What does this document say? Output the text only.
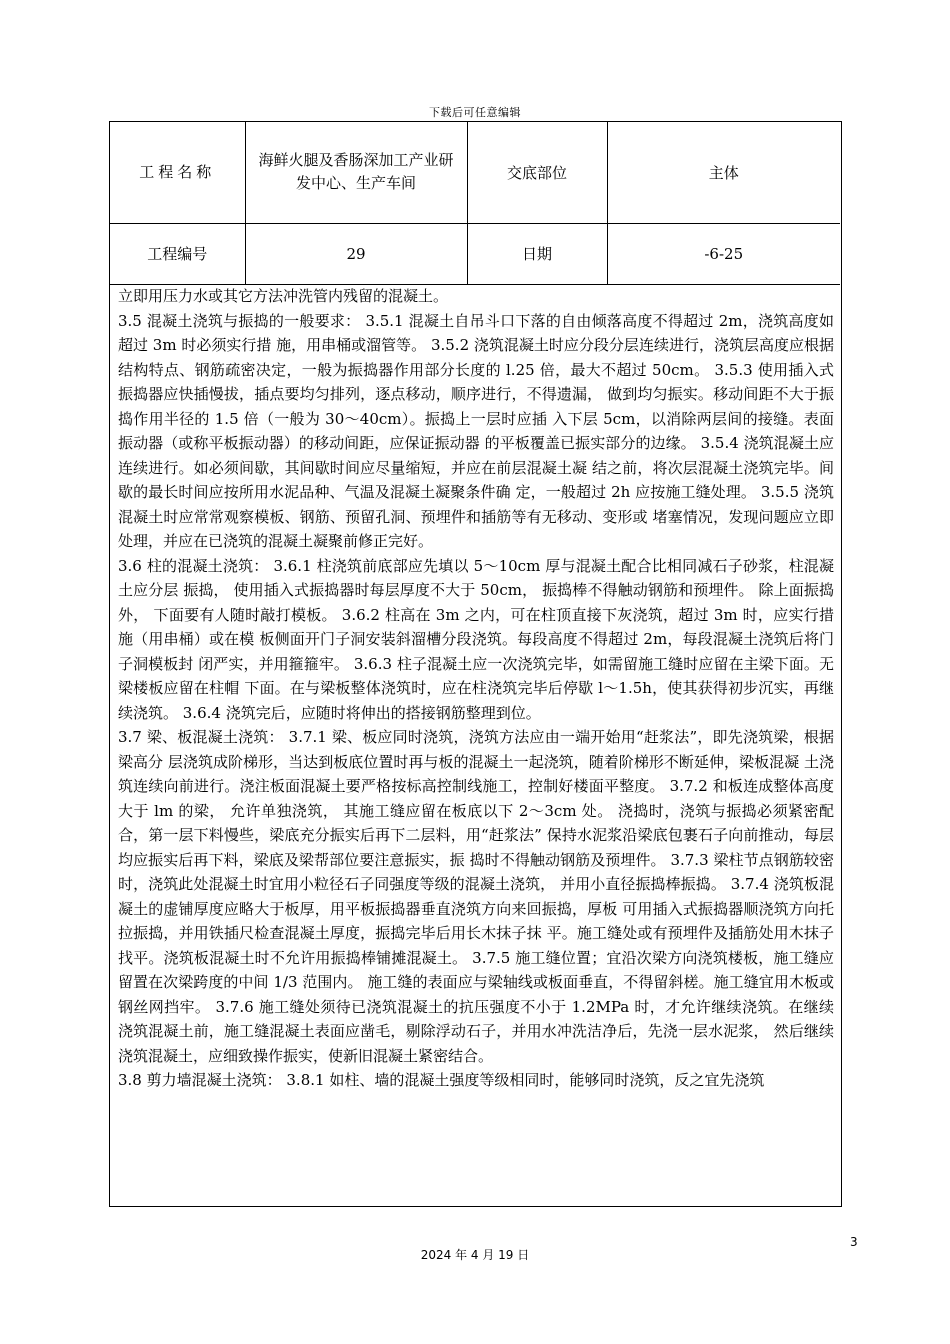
下载后可任意编辑
工程名称	海鲜火腿及香肠深加工产业研发中心、生产车间	交底部位	主体
工程编号	29	日期	-6-25

立即用压力水或其它方法冲洗管内残留的混凝土。

3.5 混凝土浇筑与振捣的一般要求： 3.5.1 混凝土自吊斗口下落的自由倾落高度不得超过 2m，浇筑高度如超过 3m 时必须实行措 施，用串桶或溜管等。 3.5.2 浇筑混凝土时应分段分层连续进行，浇筑层高度应根据结构特点、钢筋疏密决定，一般为振捣器作用部分长度的 l.25 倍，最大不超过 50cm。 3.5.3 使用插入式振捣器应快插慢拔，插点要均匀排列，逐点移动，顺序进行，不得遗漏， 做到均匀振实。移动间距不大于振捣作用半径的 1.5 倍（一般为 30～40cm）。振捣上一层时应插 入下层 5cm，以消除两层间的接缝。表面振动器（或称平板振动器）的移动间距，应保证振动器 的平板覆盖已振实部分的边缘。 3.5.4 浇筑混凝土应连续进行。如必须间歇，其间歇时间应尽量缩短，并应在前层混凝土凝 结之前，将次层混凝土浇筑完毕。间歇的最长时间应按所用水泥品种、气温及混凝土凝聚条件确 定，一般超过 2h 应按施工缝处理。 3.5.5 浇筑混凝土时应常常观察模板、钢筋、预留孔洞、预埋件和插筋等有无移动、变形或 堵塞情况，发现问题应立即处理，并应在已浇筑的混凝土凝聚前修正完好。

3.6 柱的混凝土浇筑： 3.6.1 柱浇筑前底部应先填以 5～10cm 厚与混凝土配合比相同减石子砂浆，柱混凝土应分层 振捣， 使用插入式振捣器时每层厚度不大于 50cm， 振捣棒不得触动钢筋和预埋件。 除上面振捣外， 下面要有人随时敲打模板。 3.6.2 柱高在 3m 之内，可在柱顶直接下灰浇筑，超过 3m 时，应实行措施（用串桶）或在模 板侧面开门子洞安装斜溜槽分段浇筑。每段高度不得超过 2m，每段混凝土浇筑后将门子洞模板封 闭严实，并用箍箍牢。 3.6.3 柱子混凝土应一次浇筑完毕，如需留施工缝时应留在主梁下面。无梁楼板应留在柱帽 下面。在与梁板整体浇筑时，应在柱浇筑完毕后停歇 l～1.5h，使其获得初步沉实，再继续浇筑。 3.6.4 浇筑完后，应随时将伸出的搭接钢筋整理到位。

3.7 梁、板混凝土浇筑： 3.7.1 梁、板应同时浇筑，浇筑方法应由一端开始用“赶浆法”，即先浇筑梁，根据梁高分 层浇筑成阶梯形，当达到板底位置时再与板的混凝土一起浇筑，随着阶梯形不断延伸，梁板混凝 土浇筑连续向前进行。浇注板面混凝土要严格按标高控制线施工，控制好楼面平整度。 3.7.2 和板连成整体高度大于 lm 的梁， 允许单独浇筑， 其施工缝应留在板底以下 2～3cm 处。 浇捣时，浇筑与振捣必须紧密配合，第一层下料慢些，梁底充分振实后再下二层料，用“赶浆法” 保持水泥浆沿梁底包裹石子向前推动，每层均应振实后再下料，梁底及梁帮部位要注意振实，振 捣时不得触动钢筋及预埋件。 3.7.3 梁柱节点钢筋较密时，浇筑此处混凝土时宜用小粒径石子同强度等级的混凝土浇筑， 并用小直径振捣棒振捣。 3.7.4 浇筑板混凝土的虚铺厚度应略大于板厚，用平板振捣器垂直浇筑方向来回振捣，厚板 可用插入式振捣器顺浇筑方向托拉振捣，并用铁插尺检查混凝土厚度，振捣完毕后用长木抹子抹 平。施工缝处或有预埋件及插筋处用木抹子找平。浇筑板混凝土时不允许用振捣棒铺摊混凝土。 3.7.5 施工缝位置；宜沿次梁方向浇筑楼板，施工缝应留置在次梁跨度的中间 1/3 范围内。 施工缝的表面应与梁轴线或板面垂直，不得留斜槎。施工缝宜用木板或钢丝网挡牢。 3.7.6 施工缝处须待已浇筑混凝土的抗压强度不小于 1.2MPa 时，才允许继续浇筑。在继续 浇筑混凝土前，施工缝混凝土表面应凿毛，剔除浮动石子，并用水冲洗洁净后，先浇一层水泥浆， 然后继续浇筑混凝土，应细致操作振实，使新旧混凝土紧密结合。

3.8 剪力墙混凝土浇筑： 3.8.1 如柱、墙的混凝土强度等级相同时，能够同时浇筑，反之宜先浇筑

3
2024 年 4 月 19 日
